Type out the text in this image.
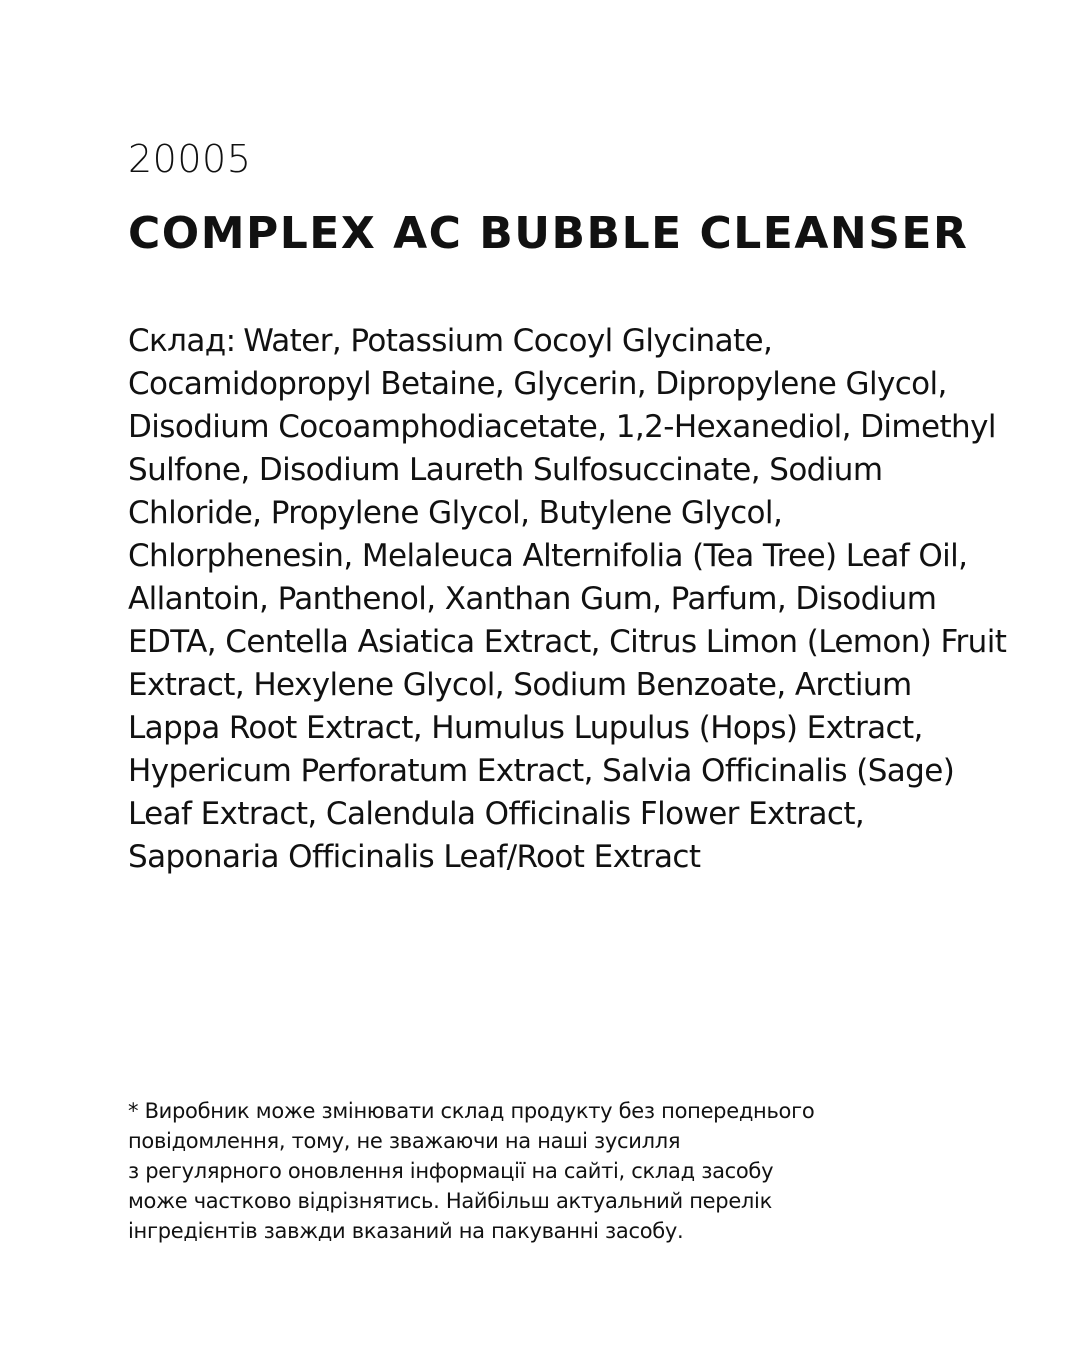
20005
COMPLEX AC BUBBLE CLEANSER
Склад: Water, Potassium Cocoyl Glycinate, Cocamidopropyl Betaine, Glycerin, Dipropylene Glycol, Disodium Cocoamphodiacetate, 1,2-Hexanediol, Dimethyl Sulfone, Disodium Laureth Sulfosuccinate, Sodium Chloride, Propylene Glycol, Butylene Glycol, Chlorphenesin, Melaleuca Alternifolia (Tea Tree) Leaf Oil, Allantoin, Panthenol, Xanthan Gum, Parfum, Disodium EDTA, Centella Asiatica Extract, Citrus Limon (Lemon) Fruit Extract, Hexylene Glycol, Sodium Benzoate, Arctium Lappa Root Extract, Humulus Lupulus (Hops) Extract, Hypericum Perforatum Extract, Salvia Officinalis (Sage) Leaf Extract, Calendula Officinalis Flower Extract, Saponaria Officinalis Leaf/Root Extract
* Виробник може змінювати склад продукту без попереднього
повідомлення, тому, не зважаючи на наші зусилля
з регулярного оновлення інформації на сайті, склад засобу
може частково відрізнятись. Найбільш актуальний перелік
інгредієнтів завжди вказаний на пакуванні засобу.
